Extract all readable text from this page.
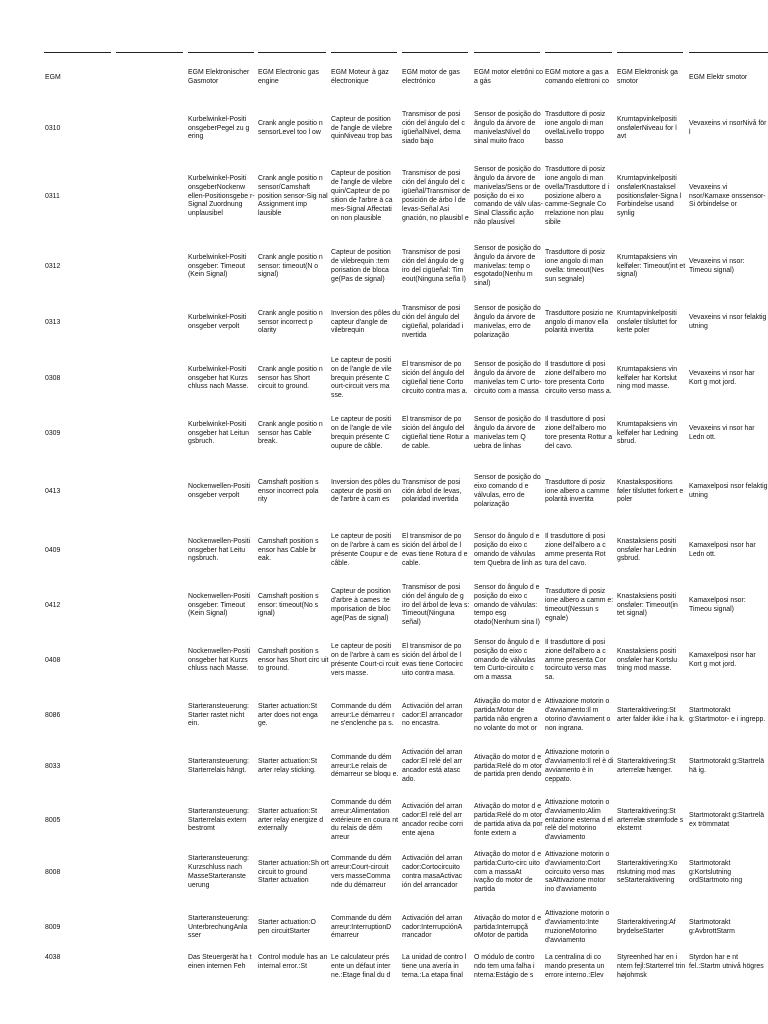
EGM
EGM Elektronischer Gasmotor
EGM Electronic gas engine
EGM Moteur à gaz électronique
EGM motor de gas electrónico
EGM motor eletrôni co a gás
EGM motore a gas a comando elettroni co
EGM Elektronisk ga smotor
EGM Elektr smotor
0310
Kurbelwinkel-Positi onsgeberPegel zu g ering
Crank angle positio n sensorLevel too l ow
Capteur de position de l'angle de vilebre quinNiveau trop bas
Transmisor de posi ción del ángulo del c igüeñalNivel, dema siado bajo
Sensor de posição do ângulo da árvore de manivelasNível do sinal muito fraco
Trasduttore di posiz ione angolo di man ovellaLivello troppo basso
Krumtapvinkelpositi onsfølerNiveau for l avt
Vevaxeins vi nsorNivå för l
0311
Kurbelwinkel-Positi onsgeberNockenw ellen-Positionsgebe r-Signal Zuordnung unplausibel
Crank angle positio n sensor/Camshaft position sensor-Sig nal Assignment imp lausible
Capteur de position de l'angle de vilebre quin/Capteur de po sition de l'arbre à ca mes-Signal Affectati on non plausible
Transmisor de posi ción del ángulo del c igüeñal/Transmisor de posición de árbo l de levas-Señal Asi gnación, no plausibl e
Sensor de posição do ângulo da árvore de manivelas/Sens or de posição do ei xo comando de válv ulas-Sinal Classific ação não plausível
Trasduttore di posiz ione angolo di man ovella/Trasduttore d i posizione albero a camme-Segnale Co rrelazione non plau sibile
Krumtapvinkelpositi onsfølerKnastaksel positionsføler-Signa l Forbindelse usand synlig
Vevaxeins vi nsor/Kamaxe onssensor-Si örbindelse or
0312
Kurbelwinkel-Positi onsgeber: Timeout (Kein Signal)
Crank angle positio n sensor: timeout(N o signal)
Capteur de position de vilebrequin :tem porisation de bloca ge(Pas de signal)
Transmisor de posi ción del ángulo de g iro del cigüeñal: Tim eout(Ninguna seña l)
Sensor de posição do ângulo da árvore de manivelas: temp o esgotado(Nenhu m sinal)
Trasduttore di posiz ione angolo di man ovella: timeout(Nes sun segnale)
Krumtapaksiens vin kelføler: Timeout(int et signal)
Vevaxeins vi nsor: Timeou signal)
0313
Kurbelwinkel-Positi onsgeber verpolt
Crank angle positio n sensor incorrect p olarity
Inversion des pôles du capteur d'angle de vilebrequin
Transmisor de posi ción del ángulo del cigüeñal, polaridad i nvertida
Sensor de posição do ângulo da árvore de manivelas, erro de polarização
Trasduttore posizio ne angolo di manov ella polarità invertita
Krumtapvinkelpositi onsføler tilsluttet for kerte poler
Vevaxeins vi nsor felaktig utning
0308
Kurbelwinkel-Positi onsgeber hat Kurzs chluss nach Masse.
Crank angle positio n sensor has Short circuit to ground.
Le capteur de positi on de l'angle de vile brequin présente C ourt-circuit vers ma sse.
El transmisor de po sición del ángulo del cigüeñal tiene Corto circuito contra mas a.
Sensor de posição do ângulo da árvore de manivelas tem C urto-circuito com a massa
Il trasduttore di posi zione dell'albero mo tore presenta Corto circuito verso mass a.
Krumtapaksiens vin kelføler har Kortslut ning mod masse.
Vevaxeins vi nsor har Kort g mot jord.
0309
Kurbelwinkel-Positi onsgeber hat Leitun gsbruch.
Crank angle positio n sensor has Cable break.
Le capteur de positi on de l'angle de vile brequin présente C oupure de câble.
El transmisor de po sición del ángulo del cigüeñal tiene Rotur a de cable.
Sensor de posição do ângulo da árvore de manivelas tem Q uebra de linhas
Il trasduttore di posi zione dell'albero mo tore presenta Rottur a del cavo.
Krumtapaksiens vin kelføler har Ledning sbrud.
Vevaxeins vi nsor har Ledn ott.
0413
Nockenwellen-Positi onsgeber verpolt
Camshaft position s ensor incorrect pola rity
Inversion des pôles du capteur de positi on de l'arbre à cam es
Transmisor de posi ción árbol de levas, polaridad invertida
Sensor de posição do eixo comando d e válvulas, erro de polarização
Trasduttore di posiz ione albero a camme polarità invertita
Knastakspositions føler tilsluttet forkert e poler
Kamaxelposi nsor felaktig utning
0409
Nockenwellen-Positi onsgeber hat Leitu ngsbruch.
Camshaft position s ensor has Cable br eak.
Le capteur de positi on de l'arbre à cam es présente Coupur e de câble.
El transmisor de po sición del árbol de l evas tiene Rotura d e cable.
Sensor do ângulo d e posição do eixo c omando de válvulas tem Quebra de linh as
Il trasduttore di posi zione dell'albero a c amme presenta Rot tura del cavo.
Knastaksiens positi onsføler har Lednin gsbrud.
Kamaxelposi nsor har Ledn ott.
0412
Nockenwellen-Positi onsgeber: Timeout (Kein Signal)
Camshaft position s ensor: timeout(No s ignal)
Capteur de position d'arbre à cames :te mporisation de bloc age(Pas de signal)
Transmisor de posi ción del ángulo de g iro del árbol de leva s: Timeout(Ninguna señal)
Sensor do ângulo d e posição do eixo c omando de válvulas: tempo esg otado(Nenhum sina l)
Trasduttore di posiz ione albero a camm e: timeout(Nessun s egnale)
Knastaksiens positi onsføler: Timeout(in tet signal)
Kamaxelposi nsor: Timeou signal)
0408
Nockenwellen-Positi onsgeber hat Kurzs chluss nach Masse.
Camshaft position s ensor has Short circ uit to ground.
Le capteur de positi on de l'arbre à cam es présente Court-ci rcuit vers masse.
El transmisor de po sición del árbol de l evas tiene Cortocirc uito contra masa.
Sensor do ângulo d e posição do eixo c omando de válvulas tem Curto-circuito c om a massa
Il trasduttore di posi zione dell'albero a c amme presenta Cor tocircuito verso mas sa.
Knastaksiens positi onsføler har Kortslu tning mod masse.
Kamaxelposi nsor har Kort g mot jord.
8086
Starteransteuerung: Starter rastet nicht ein.
Starter actuation:St arter does not enga ge.
Commande du dém arreur:Le démarreu r ne s'enclenche pa s.
Activación del arran cador:El arrancador no encastra.
Ativação do motor d e partida:Motor de partida não engren a no volante do mot or
Attivazione motorin o d'avviamento:Il m otorino d'avviament o non ingrana.
Starteraktivering:St arter falder ikke i ha k.
Startmotorakt g:Startmotor- e i ingrepp.
8033
Starteransteuerung: Starterrelais hängt.
Starter actuation:St arter relay sticking.
Commande du dém arreur:Le relais de démarreur se bloqu e.
Activación del arran cador:El relé del arr ancador está atasc ado.
Ativação do motor d e partida:Relé do m otor de partida pren dendo
Attivazione motorin o d'avviamento:Il rel è di avviamento è in ceppato.
Starteraktivering:St arterrelæ hænger.
Startmotorakt g:Startrelä hä ig.
8005
Starteransteuerung: Starterrelais extern bestromt
Starter actuation:St arter relay energize d externally
Commande du dém arreur:Alimentation extérieure en coura nt du relais de dém arreur
Activación del arran cador:El relé del arr ancador recibe corri ente ajena
Ativação do motor d e partida:Relé do m otor de partida ativa da por fonte extern a
Attivazione motorin o d'avviamento:Alim entazione esterna d el relè del motorino d'avviamento
Starteraktivering:St arterrelæ strømfode s eksternt
Startmotorakt g:Startrelä ex trömmatat
8008
Starteransteuerung: Kurzschluss nach MasseStarteranste uerung
Starter actuation:Sh ort circuit to ground Starter actuation
Commande du dém arreur:Court-circuit vers masseComma nde du démarreur
Activación del arran cador:Cortocircuito contra masaActivac ión del arrancador
Ativação do motor d e partida:Curto-circ uito com a massaAt ivação do motor de partida
Attivazione motorin o d'avviamento:Cort ocircuito verso mas saAttivazione motor ino d'avviamento
Starteraktivering:Ko rtslutning mod mas seStarteraktivering
Startmotorakt g:Kortslutning ordStartmoto ring
8009
Starteransteuerung: UnterbrechungAnla sser
Starter actuation:O pen circuitStarter
Commande du dém arreur:InterruptionD émarreur
Activación del arran cador:InterrupciónA rrancador
Ativação do motor d e partida:Interrupçã oMotor de partida
Attivazione motorin o d'avviamento:Inte rruzioneMotorino d'avviamento
Starteraktivering:Af brydelseStarter
Startmotorakt g:AvbrottStarm
4038	Das Steuergerät ha t einen internen Feh
Control module has an internal error.:St
Le calculateur prés ente un défaut inter ne.:Etage final du d
La unidad de contro l tiene una avería in terna.:La etapa final
O módulo de contro ndo tem uma falha i nterna:Estágio de s
La centralina di co mando presenta un errore interno.:Elev
Styreenhed har en i ntern fejl:Starterrel trin højohmsk
Styrdon har e nt fel.:Startm utnivå högres
